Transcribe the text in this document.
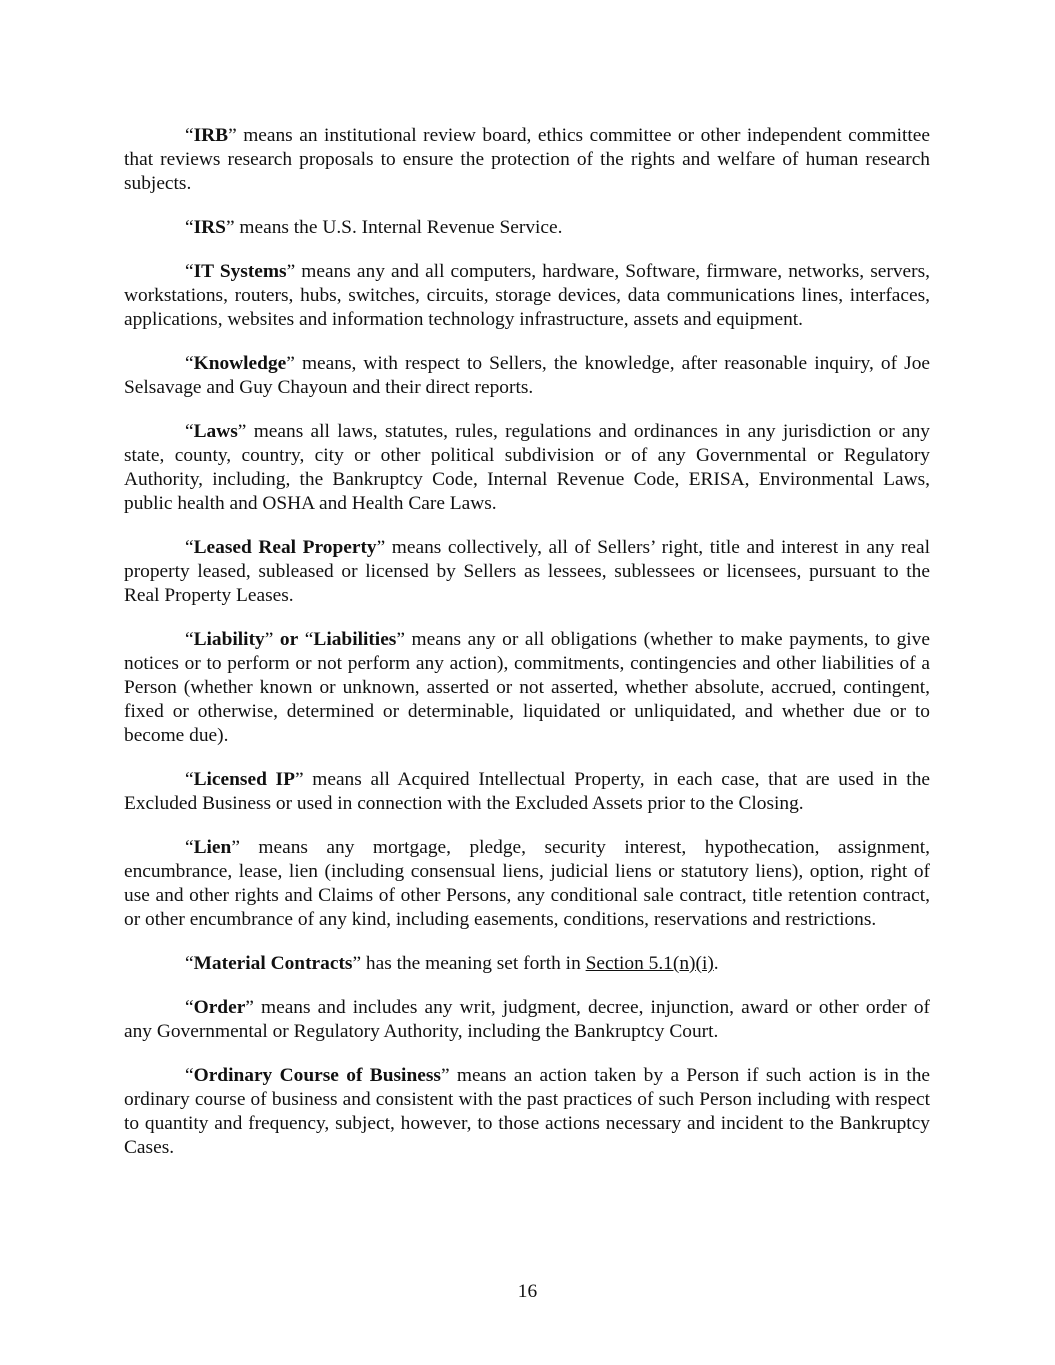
“IRB” means an institutional review board, ethics committee or other independent committee that reviews research proposals to ensure the protection of the rights and welfare of human research subjects.

“IRS” means the U.S. Internal Revenue Service.

“IT Systems” means any and all computers, hardware, Software, firmware, networks, servers, workstations, routers, hubs, switches, circuits, storage devices, data communications lines, interfaces, applications, websites and information technology infrastructure, assets and equipment.

“Knowledge” means, with respect to Sellers, the knowledge, after reasonable inquiry, of Joe Selsavage and Guy Chayoun and their direct reports.

“Laws” means all laws, statutes, rules, regulations and ordinances in any jurisdiction or any state, county, country, city or other political subdivision or of any Governmental or Regulatory Authority, including, the Bankruptcy Code, Internal Revenue Code, ERISA, Environmental Laws, public health and OSHA and Health Care Laws.

“Leased Real Property” means collectively, all of Sellers’ right, title and interest in any real property leased, subleased or licensed by Sellers as lessees, sublessees or licensees, pursuant to the Real Property Leases.

“Liability” or “Liabilities” means any or all obligations (whether to make payments, to give notices or to perform or not perform any action), commitments, contingencies and other liabilities of a Person (whether known or unknown, asserted or not asserted, whether absolute, accrued, contingent, fixed or otherwise, determined or determinable, liquidated or unliquidated, and whether due or to become due).

“Licensed IP” means all Acquired Intellectual Property, in each case, that are used in the Excluded Business or used in connection with the Excluded Assets prior to the Closing.

“Lien” means any mortgage, pledge, security interest, hypothecation, assignment, encumbrance, lease, lien (including consensual liens, judicial liens or statutory liens), option, right of use and other rights and Claims of other Persons, any conditional sale contract, title retention contract, or other encumbrance of any kind, including easements, conditions, reservations and restrictions.

“Material Contracts” has the meaning set forth in Section 5.1(n)(i).

“Order” means and includes any writ, judgment, decree, injunction, award or other order of any Governmental or Regulatory Authority, including the Bankruptcy Court.

“Ordinary Course of Business” means an action taken by a Person if such action is in the ordinary course of business and consistent with the past practices of such Person including with respect to quantity and frequency, subject, however, to those actions necessary and incident to the Bankruptcy Cases.

16
